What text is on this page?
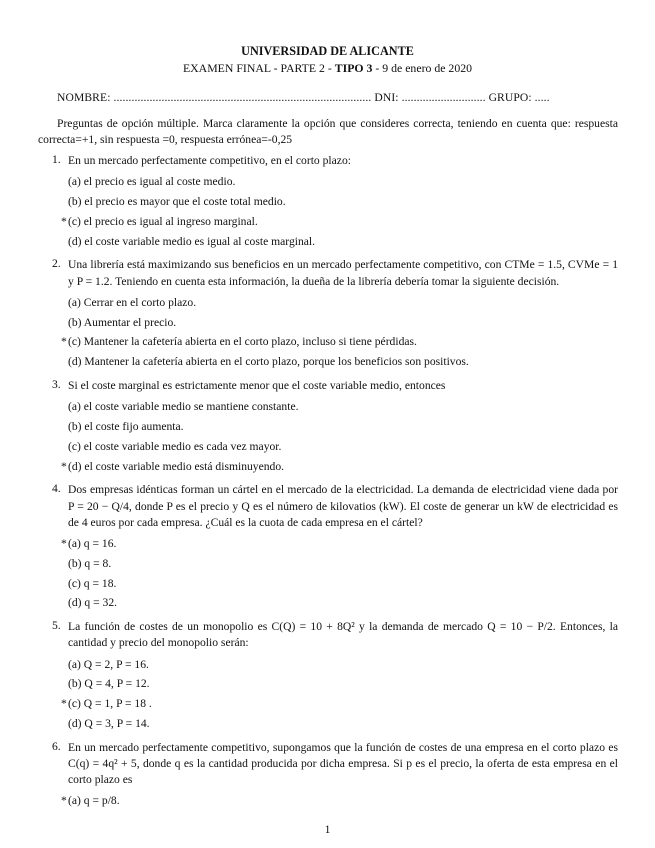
UNIVERSIDAD DE ALICANTE
EXAMEN FINAL - PARTE 2 - TIPO 3 - 9 de enero de 2020
NOMBRE: ...................................................................................... DNI: ............................ GRUPO: .....
Preguntas de opción múltiple. Marca claramente la opción que consideres correcta, teniendo en cuenta que: respuesta correcta=+1, sin respuesta =0, respuesta errónea=-0,25
1. En un mercado perfectamente competitivo, en el corto plazo:
(a) el precio es igual al coste medio.
(b) el precio es mayor que el coste total medio.
* (c) el precio es igual al ingreso marginal.
(d) el coste variable medio es igual al coste marginal.
2. Una librería está maximizando sus beneficios en un mercado perfectamente competitivo, con CTMe = 1.5, CVMe = 1 y P = 1.2. Teniendo en cuenta esta información, la dueña de la librería debería tomar la siguiente decisión.
(a) Cerrar en el corto plazo.
(b) Aumentar el precio.
* (c) Mantener la cafetería abierta en el corto plazo, incluso si tiene pérdidas.
(d) Mantener la cafetería abierta en el corto plazo, porque los beneficios son positivos.
3. Si el coste marginal es estrictamente menor que el coste variable medio, entonces
(a) el coste variable medio se mantiene constante.
(b) el coste fijo aumenta.
(c) el coste variable medio es cada vez mayor.
* (d) el coste variable medio está disminuyendo.
4. Dos empresas idénticas forman un cártel en el mercado de la electricidad. La demanda de electricidad viene dada por P = 20 − Q/4, donde P es el precio y Q es el número de kilovatios (kW). El coste de generar un kW de electricidad es de 4 euros por cada empresa. ¿Cuál es la cuota de cada empresa en el cártel?
* (a) q = 16.
(b) q = 8.
(c) q = 18.
(d) q = 32.
5. La función de costes de un monopolio es C(Q) = 10 + 8Q² y la demanda de mercado Q = 10 − P/2. Entonces, la cantidad y precio del monopolio serán:
(a) Q = 2, P = 16.
(b) Q = 4, P = 12.
* (c) Q = 1, P = 18 .
(d) Q = 3, P = 14.
6. En un mercado perfectamente competitivo, supongamos que la función de costes de una empresa en el corto plazo es C(q) = 4q² + 5, donde q es la cantidad producida por dicha empresa. Si p es el precio, la oferta de esta empresa en el corto plazo es
* (a) q = p/8.
1
